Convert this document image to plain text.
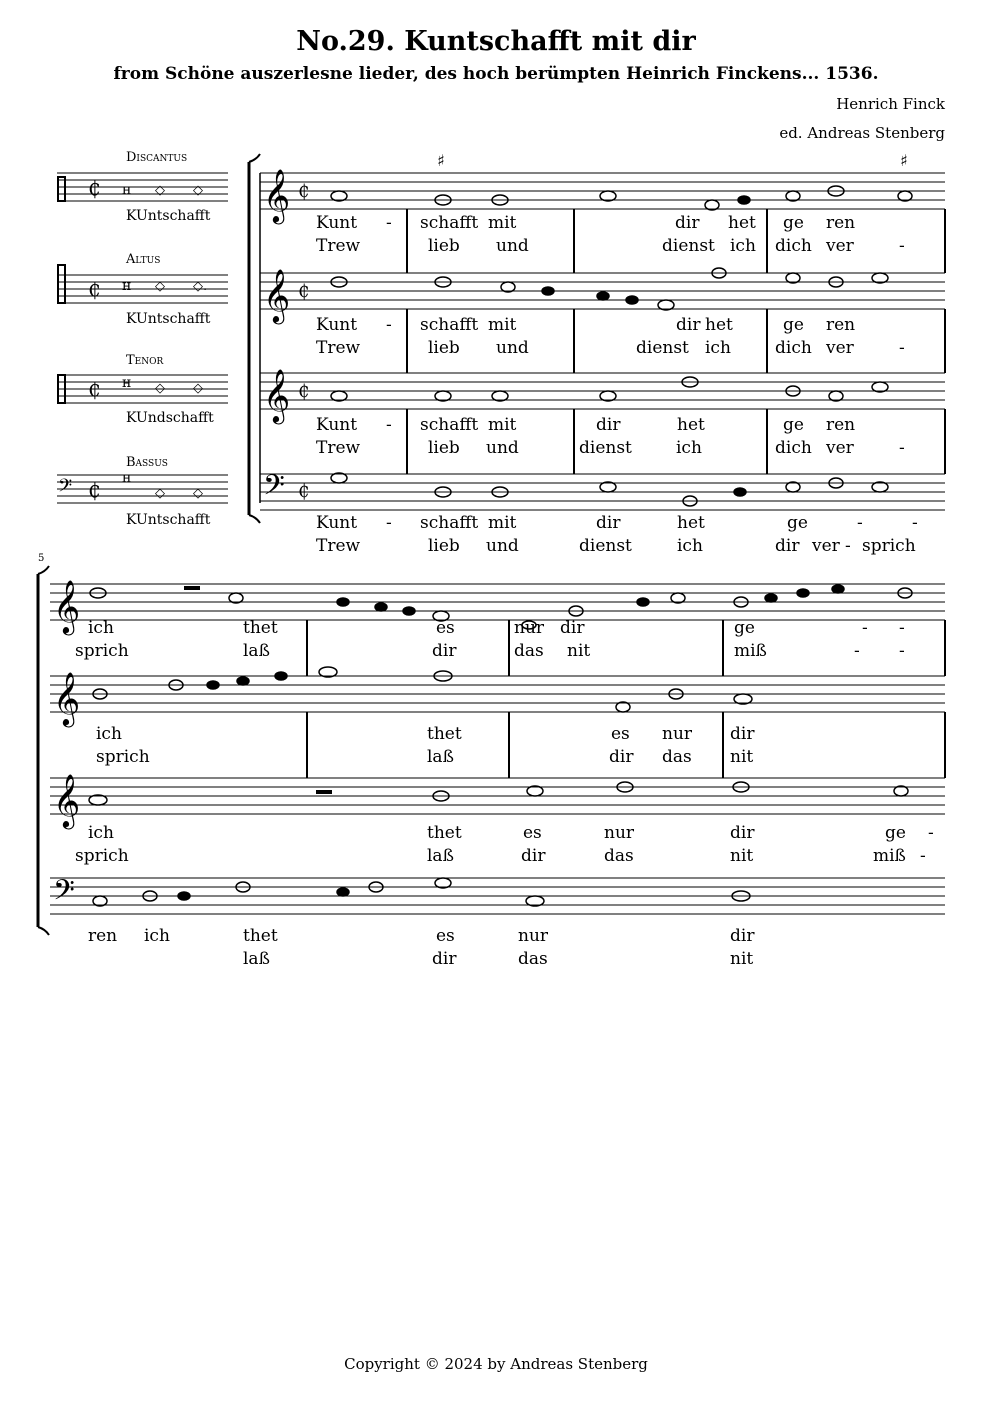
No.29. Kuntschafft mit dir
from Schöne auszerlesne lieder, des hoch berümpten Heinrich Finckens... 1536.
Henrich Finck
ed. Andreas Stenberg
Discantus
KUntschafft
Altus
KUntschafft
Tenor
KUndschafft
Bassus
KUntschafft
5
₵ ʜ ◇ ◇
₵ ʜ ◇ ◇.
₵ ʜ ◇ ◇
𝄢 ₵ ʜ
◇ ◇
𝄞 ₵
𝄞 ₵
𝄞 ₵
𝄢 ₵
𝄞
𝄞
𝄞
𝄢
♯	♯
Kunt - schafft mit	dir het ge ren
Trew	lieb und	dienst ich dich ver	-
Kunt - schafft mit	dir het	ge ren
Trew	lieb und	dienst ich	dich ver	-
Kunt - schafft mit	dir	het	ge ren
Trew	lieb und	dienst	ich	dich ver	-
Kunt - schafft mit	dir	het	ge	-	-
Trew	lieb und	dienst	ich	dir ver - sprich
ich	thet	es	nur dir	ge	- -
sprich	laß	dir	das nit	miß	- -
ich	thet	es nur dir
sprich	laß	dir das nit
ich	thet	es	nur	dir	ge -
sprich	laß	dir	das	nit	miß -
ren ich	thet	es	nur	dir
laß	dir	das	nit
Copyright © 2024 by Andreas Stenberg
